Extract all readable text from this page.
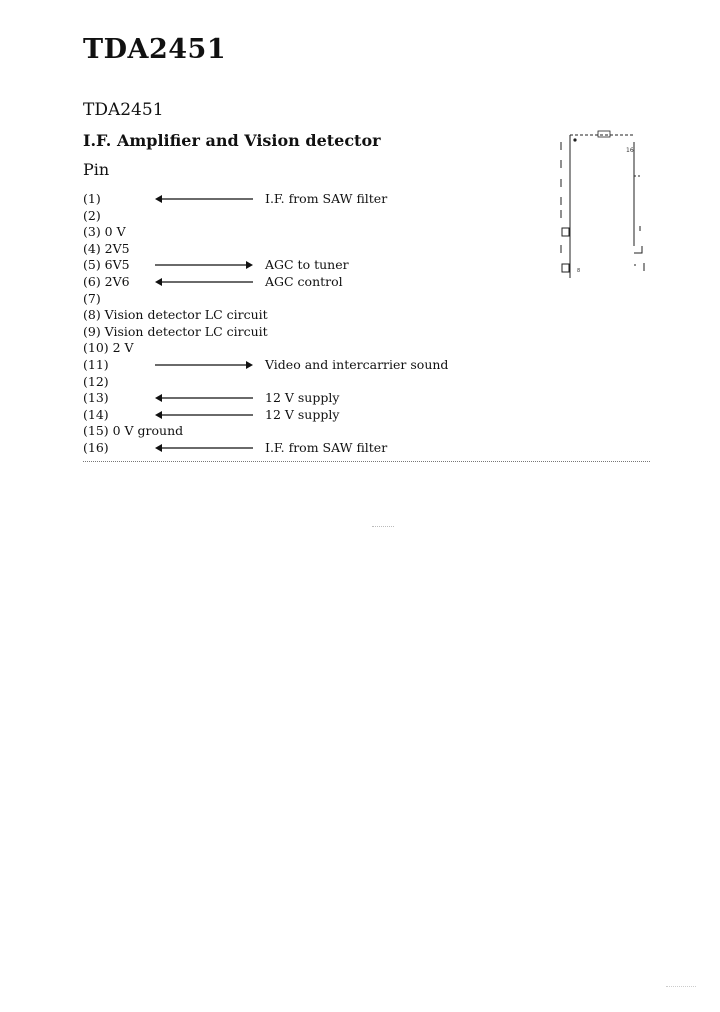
TDA2451
TDA2451
I.F. Amplifier and Vision detector
Pin
(1)	I.F. from SAW filter
(2)
(3) 0 V
(4) 2V5
(5) 6V5	AGC to tuner
(6) 2V6	AGC control
(7)
(8) Vision detector LC circuit
(9) Vision detector LC circuit
(10) 2 V
(11)	Video and intercarrier sound
(12)
(13)	12 V supply
(14)	12 V supply
(15) 0 V ground
(16)	I.F. from SAW filter
8
16
